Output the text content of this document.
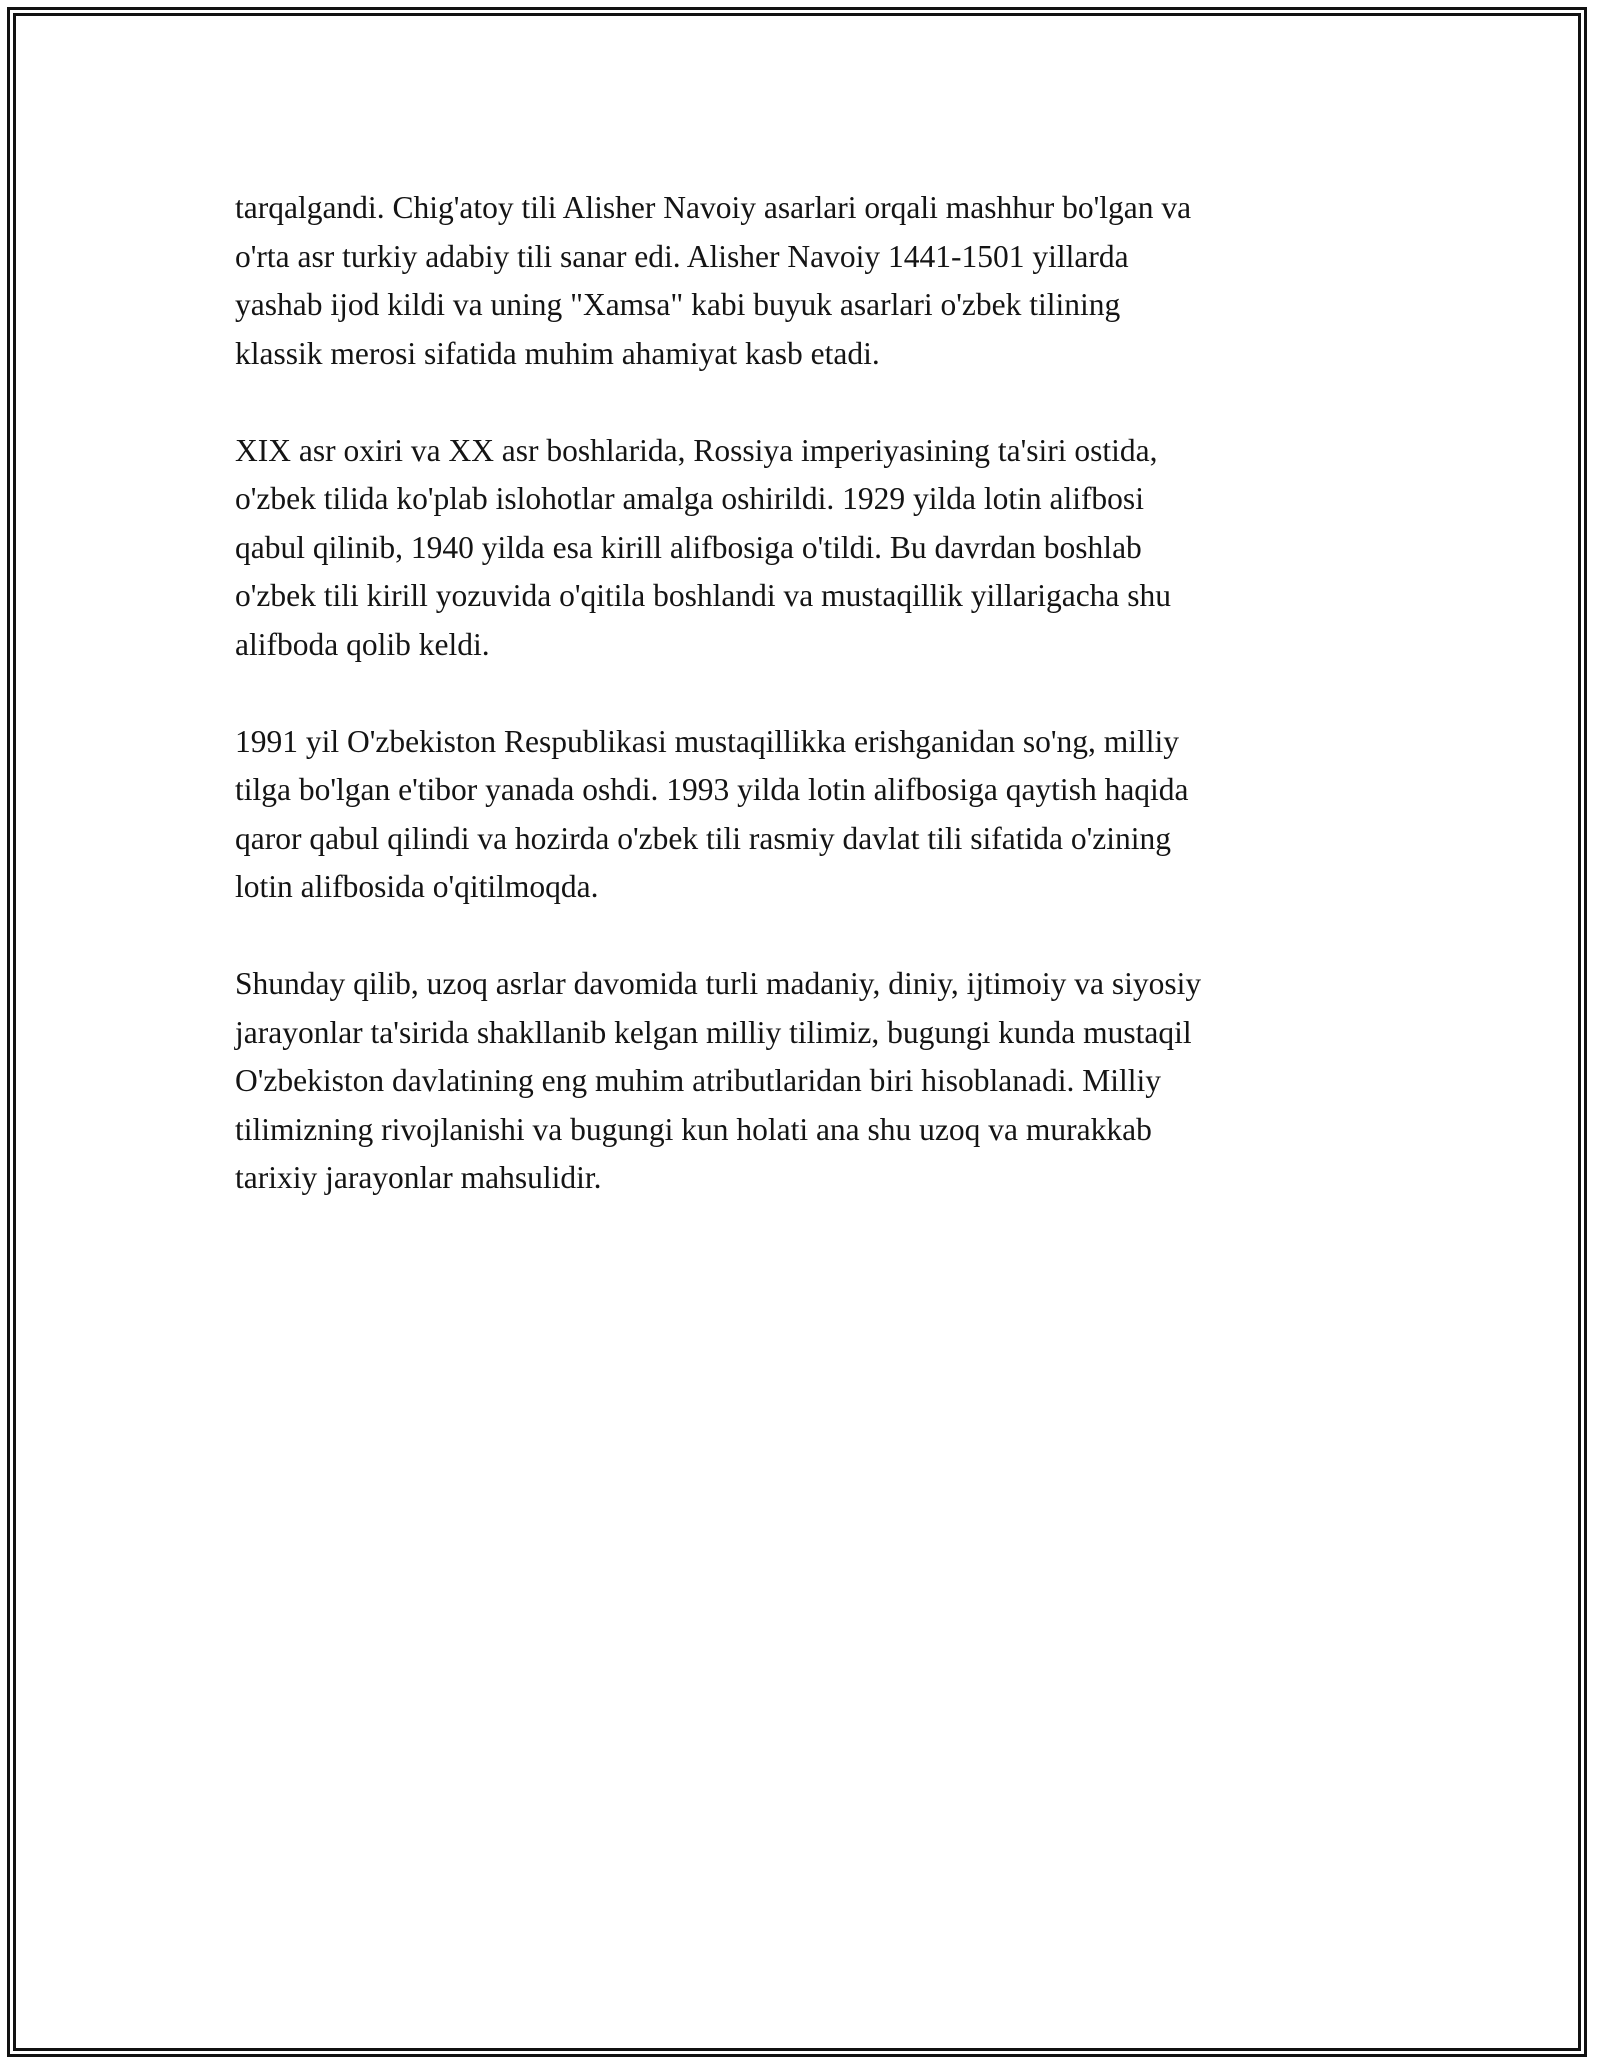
tarqalgandi. Chig'atoy tili Alisher Navoiy asarlari orqali mashhur bo'lgan va
o'rta asr turkiy adabiy tili sanar edi. Alisher Navoiy 1441-1501 yillarda
yashab ijod kildi va uning "Xamsa" kabi buyuk asarlari o'zbek tilining
klassik merosi sifatida muhim ahamiyat kasb etadi.

XIX asr oxiri va XX asr boshlarida, Rossiya imperiyasining ta'siri ostida,
o'zbek tilida ko'plab islohotlar amalga oshirildi. 1929 yilda lotin alifbosi
qabul qilinib, 1940 yilda esa kirill alifbosiga o'tildi. Bu davrdan boshlab
o'zbek tili kirill yozuvida o'qitila boshlandi va mustaqillik yillarigacha shu
alifboda qolib keldi.

1991 yil O'zbekiston Respublikasi mustaqillikka erishganidan so'ng, milliy
tilga bo'lgan e'tibor yanada oshdi. 1993 yilda lotin alifbosiga qaytish haqida
qaror qabul qilindi va hozirda o'zbek tili rasmiy davlat tili sifatida o'zining
lotin alifbosida o'qitilmoqda.

Shunday qilib, uzoq asrlar davomida turli madaniy, diniy, ijtimoiy va siyosiy
jarayonlar ta'sirida shakllanib kelgan milliy tilimiz, bugungi kunda mustaqil
O'zbekiston davlatining eng muhim atributlaridan biri hisoblanadi. Milliy
tilimizning rivojlanishi va bugungi kun holati ana shu uzoq va murakkab
tarixiy jarayonlar mahsulidir.
